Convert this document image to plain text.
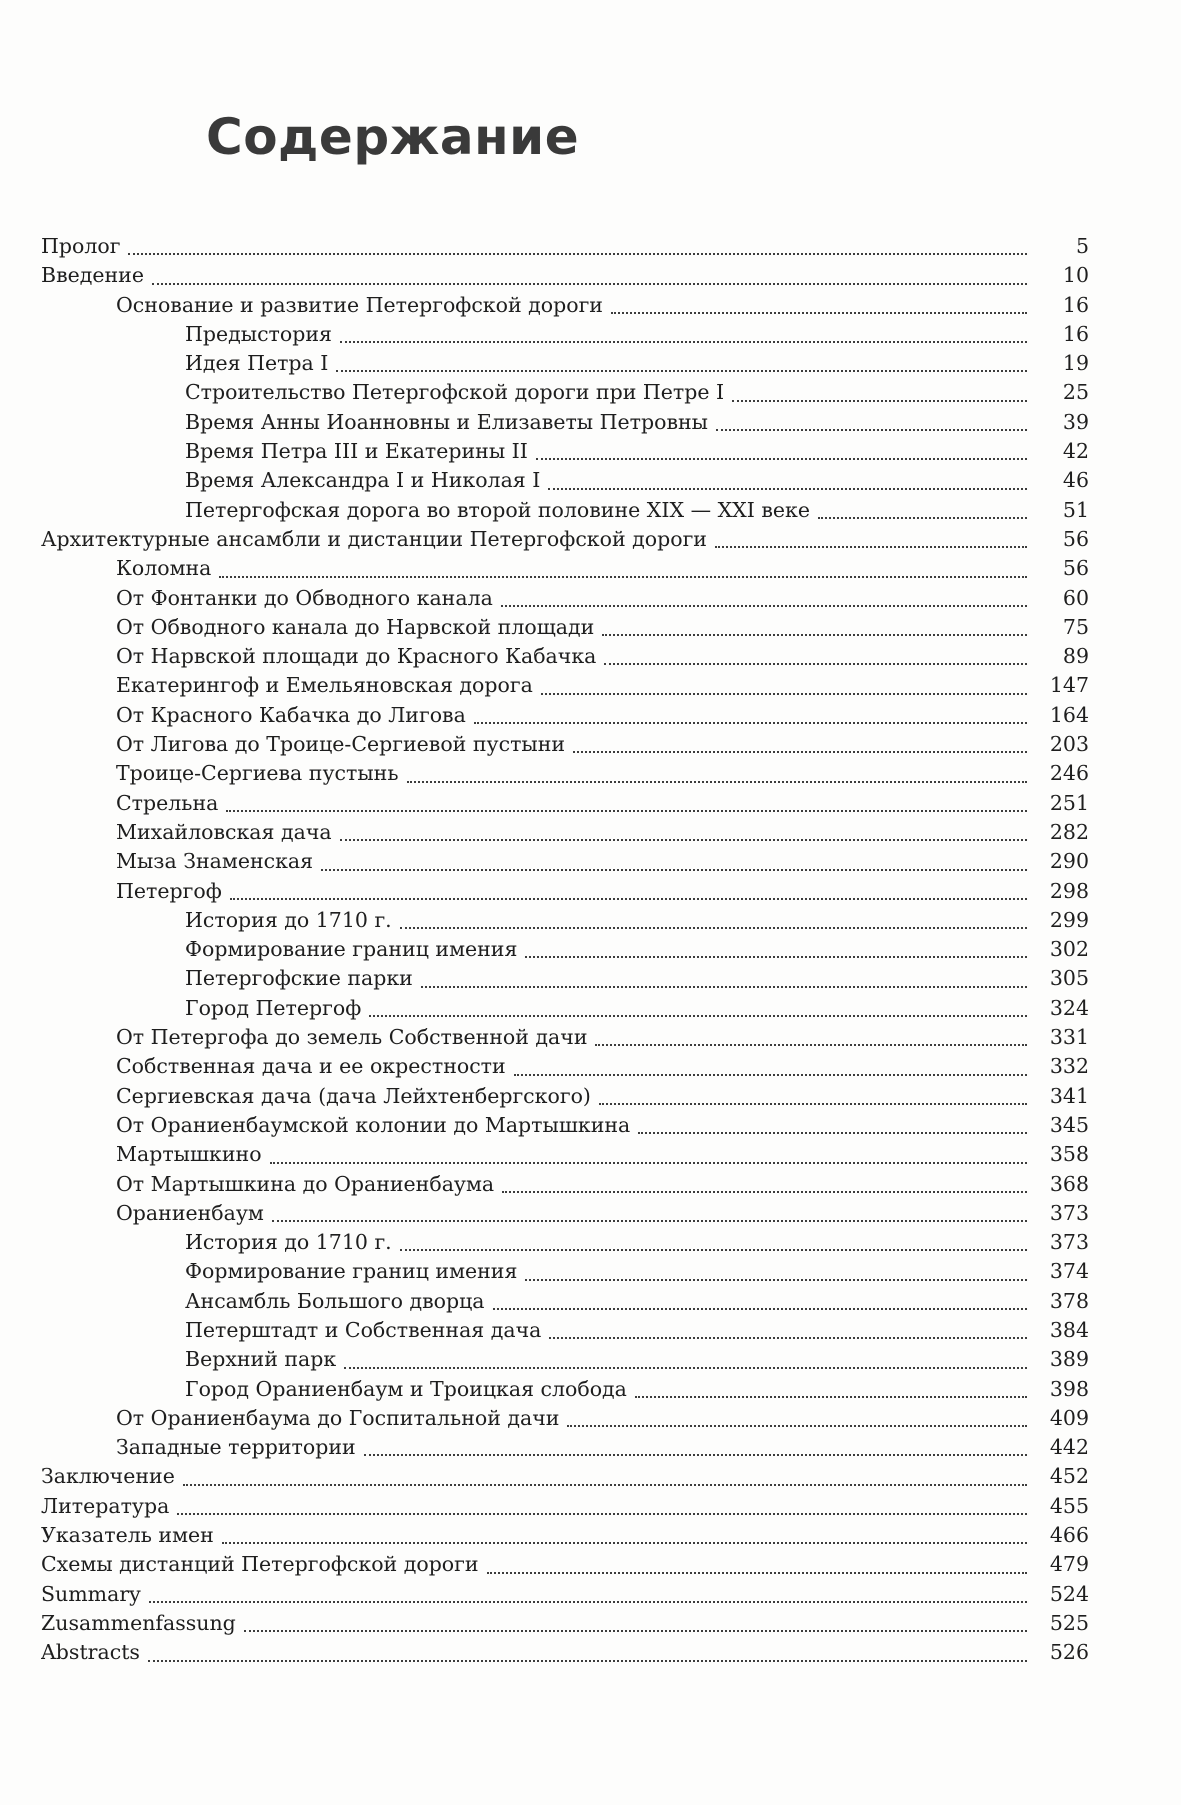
Содержание
Пролог	5
Введение	10
Основание и развитие Петергофской дороги	16
Предыстория	16
Идея Петра I	19
Строительство Петергофской дороги при Петре I	25
Время Анны Иоанновны и Елизаветы Петровны	39
Время Петра III и Екатерины II	42
Время Александра I и Николая I	46
Петергофская дорога во второй половине XIX — XXI веке	51
Архитектурные ансамбли и дистанции Петергофской дороги	56
Коломна	56
От Фонтанки до Обводного канала	60
От Обводного канала до Нарвской площади	75
От Нарвской площади до Красного Кабачка	89
Екатерингоф и Емельяновская дорога	147
От Красного Кабачка до Лигова	164
От Лигова до Троице-Сергиевой пустыни	203
Троице-Сергиева пустынь	246
Стрельна	251
Михайловская дача	282
Мыза Знаменская	290
Петергоф	298
История до 1710 г.	299
Формирование границ имения	302
Петергофские парки	305
Город Петергоф	324
От Петергофа до земель Собственной дачи	331
Собственная дача и ее окрестности	332
Сергиевская дача (дача Лейхтенбергского)	341
От Ораниенбаумской колонии до Мартышкина	345
Мартышкино	358
От Мартышкина до Ораниенбаума	368
Ораниенбаум	373
История до 1710 г.	373
Формирование границ имения	374
Ансамбль Большого дворца	378
Петерштадт и Собственная дача	384
Верхний парк	389
Город Ораниенбаум и Троицкая слобода	398
От Ораниенбаума до Госпитальной дачи	409
Западные территории	442
Заключение	452
Литература	455
Указатель имен	466
Схемы дистанций Петергофской дороги	479
Summary	524
Zusammenfassung	525
Abstracts	526
